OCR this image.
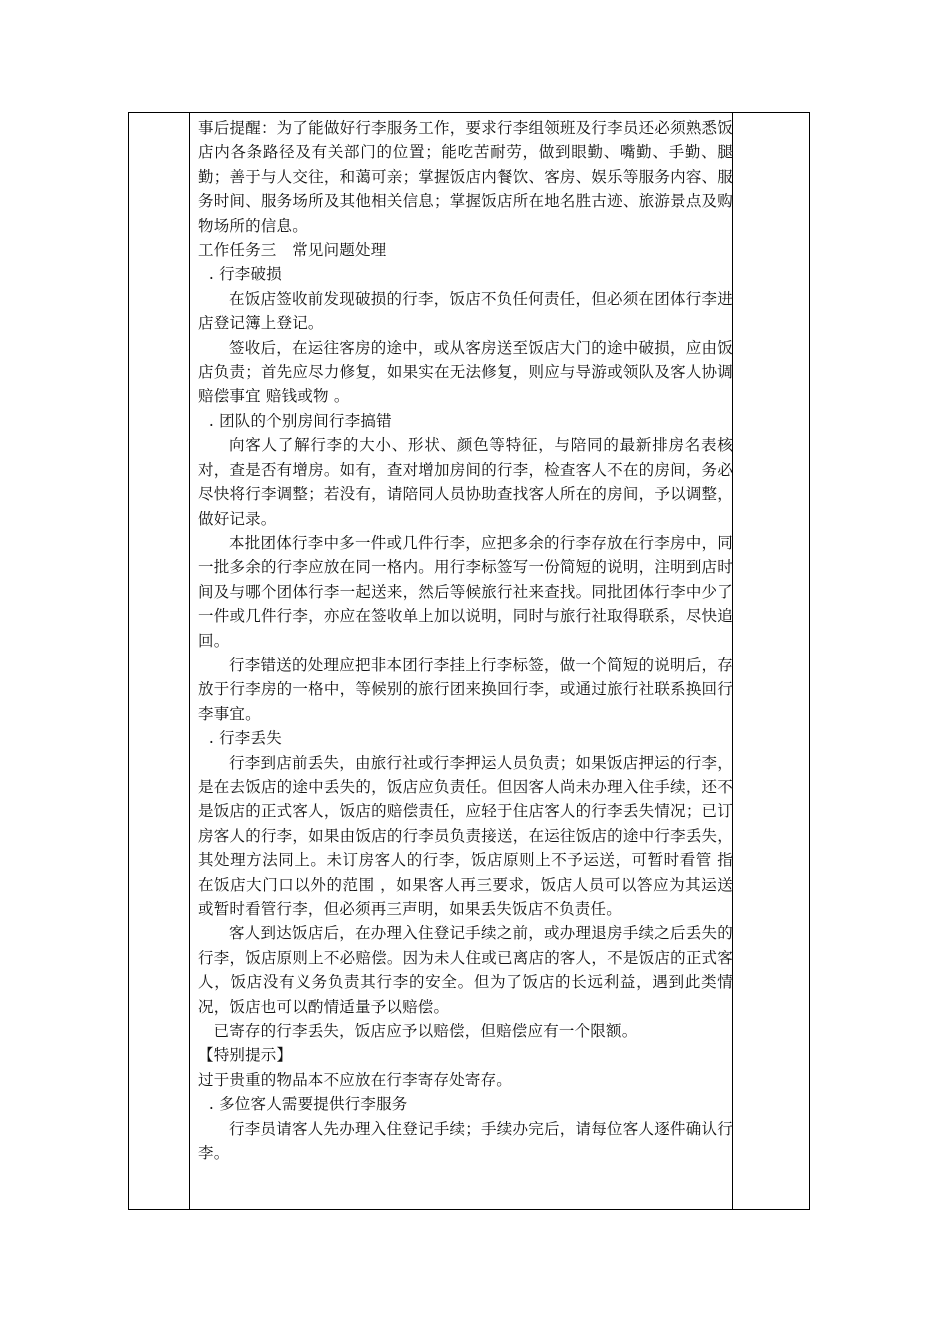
事后提醒：为了能做好行李服务工作，要求行李组领班及行李员还必须熟悉饭店内各条路径及有关部门的位置；能吃苦耐劳，做到眼勤、嘴勤、手勤、腿勤；善于与人交往，和蔼可亲；掌握饭店内餐饮、客房、娱乐等服务内容、服务时间、服务场所及其他相关信息；掌握饭店所在地名胜古迹、旅游景点及购物场所的信息。

工作任务三　常见问题处理

. 行李破损

在饭店签收前发现破损的行李，饭店不负任何责任，但必须在团体行李进店登记簿上登记。

签收后，在运往客房的途中，或从客房送至饭店大门的途中破损，应由饭店负责；首先应尽力修复，如果实在无法修复，则应与导游或领队及客人协调赔偿事宜 赔钱或物 。

. 团队的个别房间行李搞错

向客人了解行李的大小、形状、颜色等特征，与陪同的最新排房名表核对，查是否有增房。如有，查对增加房间的行李，检查客人不在的房间，务必尽快将行李调整；若没有，请陪同人员协助查找客人所在的房间，予以调整，做好记录。

本批团体行李中多一件或几件行李，应把多余的行李存放在行李房中，同一批多余的行李应放在同一格内。用行李标签写一份简短的说明，注明到店时间及与哪个团体行李一起送来，然后等候旅行社来查找。同批团体行李中少了一件或几件行李，亦应在签收单上加以说明，同时与旅行社取得联系，尽快追回。

行李错送的处理应把非本团行李挂上行李标签，做一个简短的说明后，存放于行李房的一格中，等候别的旅行团来换回行李，或通过旅行社联系换回行李事宜。

. 行李丢失

行李到店前丢失，由旅行社或行李押运人员负责；如果饭店押运的行李，是在去饭店的途中丢失的，饭店应负责任。但因客人尚未办理入住手续，还不是饭店的正式客人，饭店的赔偿责任，应轻于住店客人的行李丢失情况；已订房客人的行李，如果由饭店的行李员负责接送，在运往饭店的途中行李丢失，其处理方法同上。未订房客人的行李，饭店原则上不予运送，可暂时看管 指在饭店大门口以外的范围 ，如果客人再三要求，饭店人员可以答应为其运送或暂时看管行李，但必须再三声明，如果丢失饭店不负责任。

客人到达饭店后，在办理入住登记手续之前，或办理退房手续之后丢失的行李，饭店原则上不必赔偿。因为未人住或已离店的客人，不是饭店的正式客人，饭店没有义务负责其行李的安全。但为了饭店的长远利益，遇到此类情况，饭店也可以酌情适量予以赔偿。

已寄存的行李丢失，饭店应予以赔偿，但赔偿应有一个限额。

【特别提示】

过于贵重的物品本不应放在行李寄存处寄存。

. 多位客人需要提供行李服务

行李员请客人先办理入住登记手续；手续办完后，请每位客人逐件确认行李。
